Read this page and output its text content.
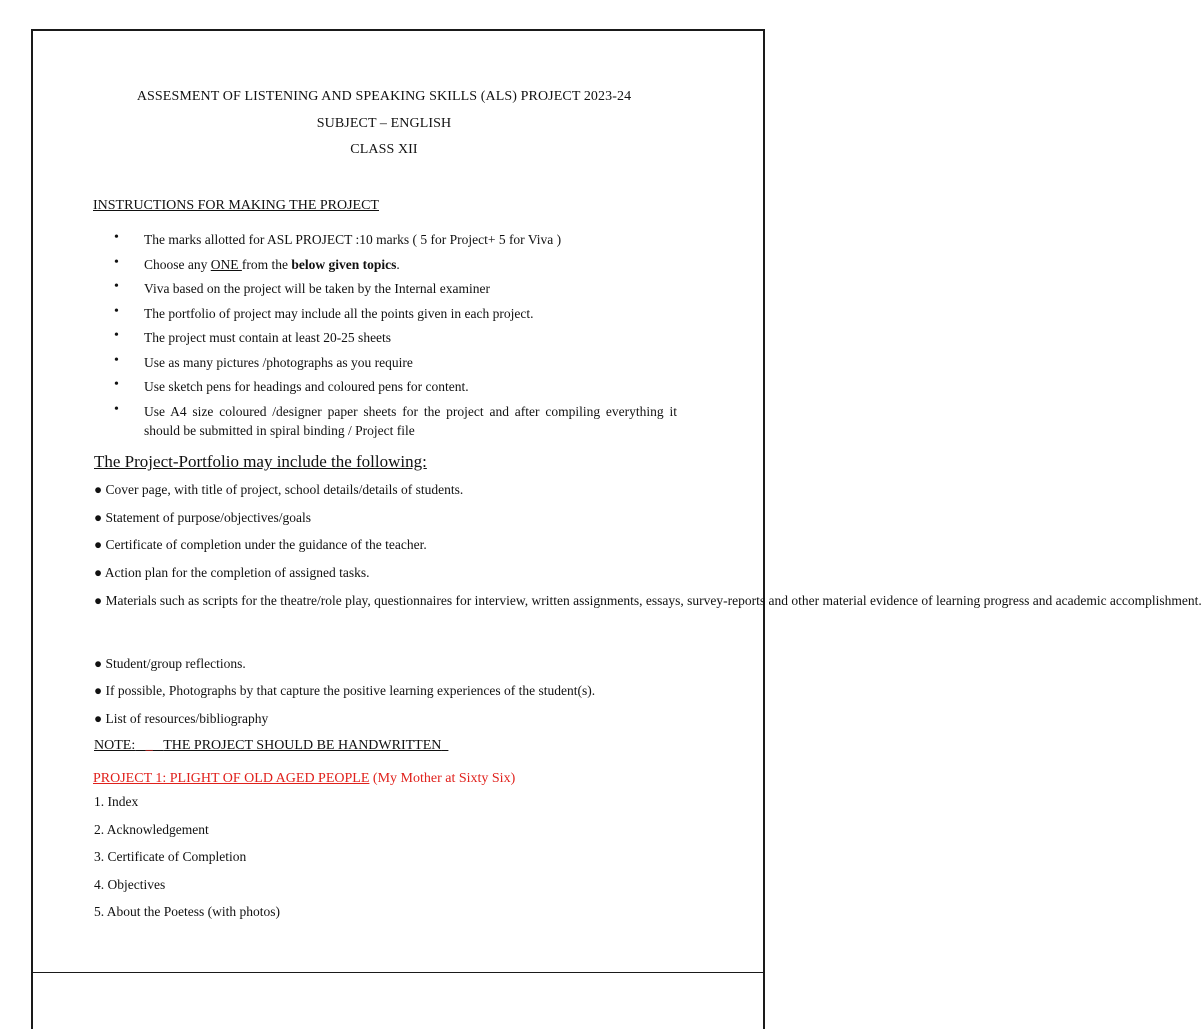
ASSESMENT OF LISTENING AND SPEAKING SKILLS (ALS) PROJECT 2023-24
SUBJECT – ENGLISH
CLASS XII
INSTRUCTIONS FOR MAKING THE PROJECT
• The marks allotted for ASL PROJECT :10 marks ( 5 for Project+ 5 for Viva )
• Choose any ONE from the below given topics.
• Viva based on the project will be taken by the Internal examiner
• The portfolio of project may include all the points given in each project.
• The project must contain at least 20-25 sheets
• Use as many pictures /photographs as you require
• Use sketch pens for headings and coloured pens for content.
• Use A4 size coloured /designer paper sheets for the project and after compiling everything it should be submitted in spiral binding / Project file
The Project-Portfolio may include the following:
● Cover page, with title of project, school details/details of students.
● Statement of purpose/objectives/goals
● Certificate of completion under the guidance of the teacher.
● Action plan for the completion of assigned tasks.
● Materials such as scripts for the theatre/role play, questionnaires for interview, written assignments, essays, survey-reports and other material evidence of learning progress and academic accomplishment.
● Student/group reflections.
● If possible, Photographs by that capture the positive learning experiences of the student(s).
● List of resources/bibliography
NOTE: _ THE PROJECT SHOULD BE HANDWRITTEN
PROJECT 1: PLIGHT OF OLD AGED PEOPLE (My Mother at Sixty Six)
1. Index
2. Acknowledgement
3. Certificate of Completion
4. Objectives
5. About the Poetess (with photos)
